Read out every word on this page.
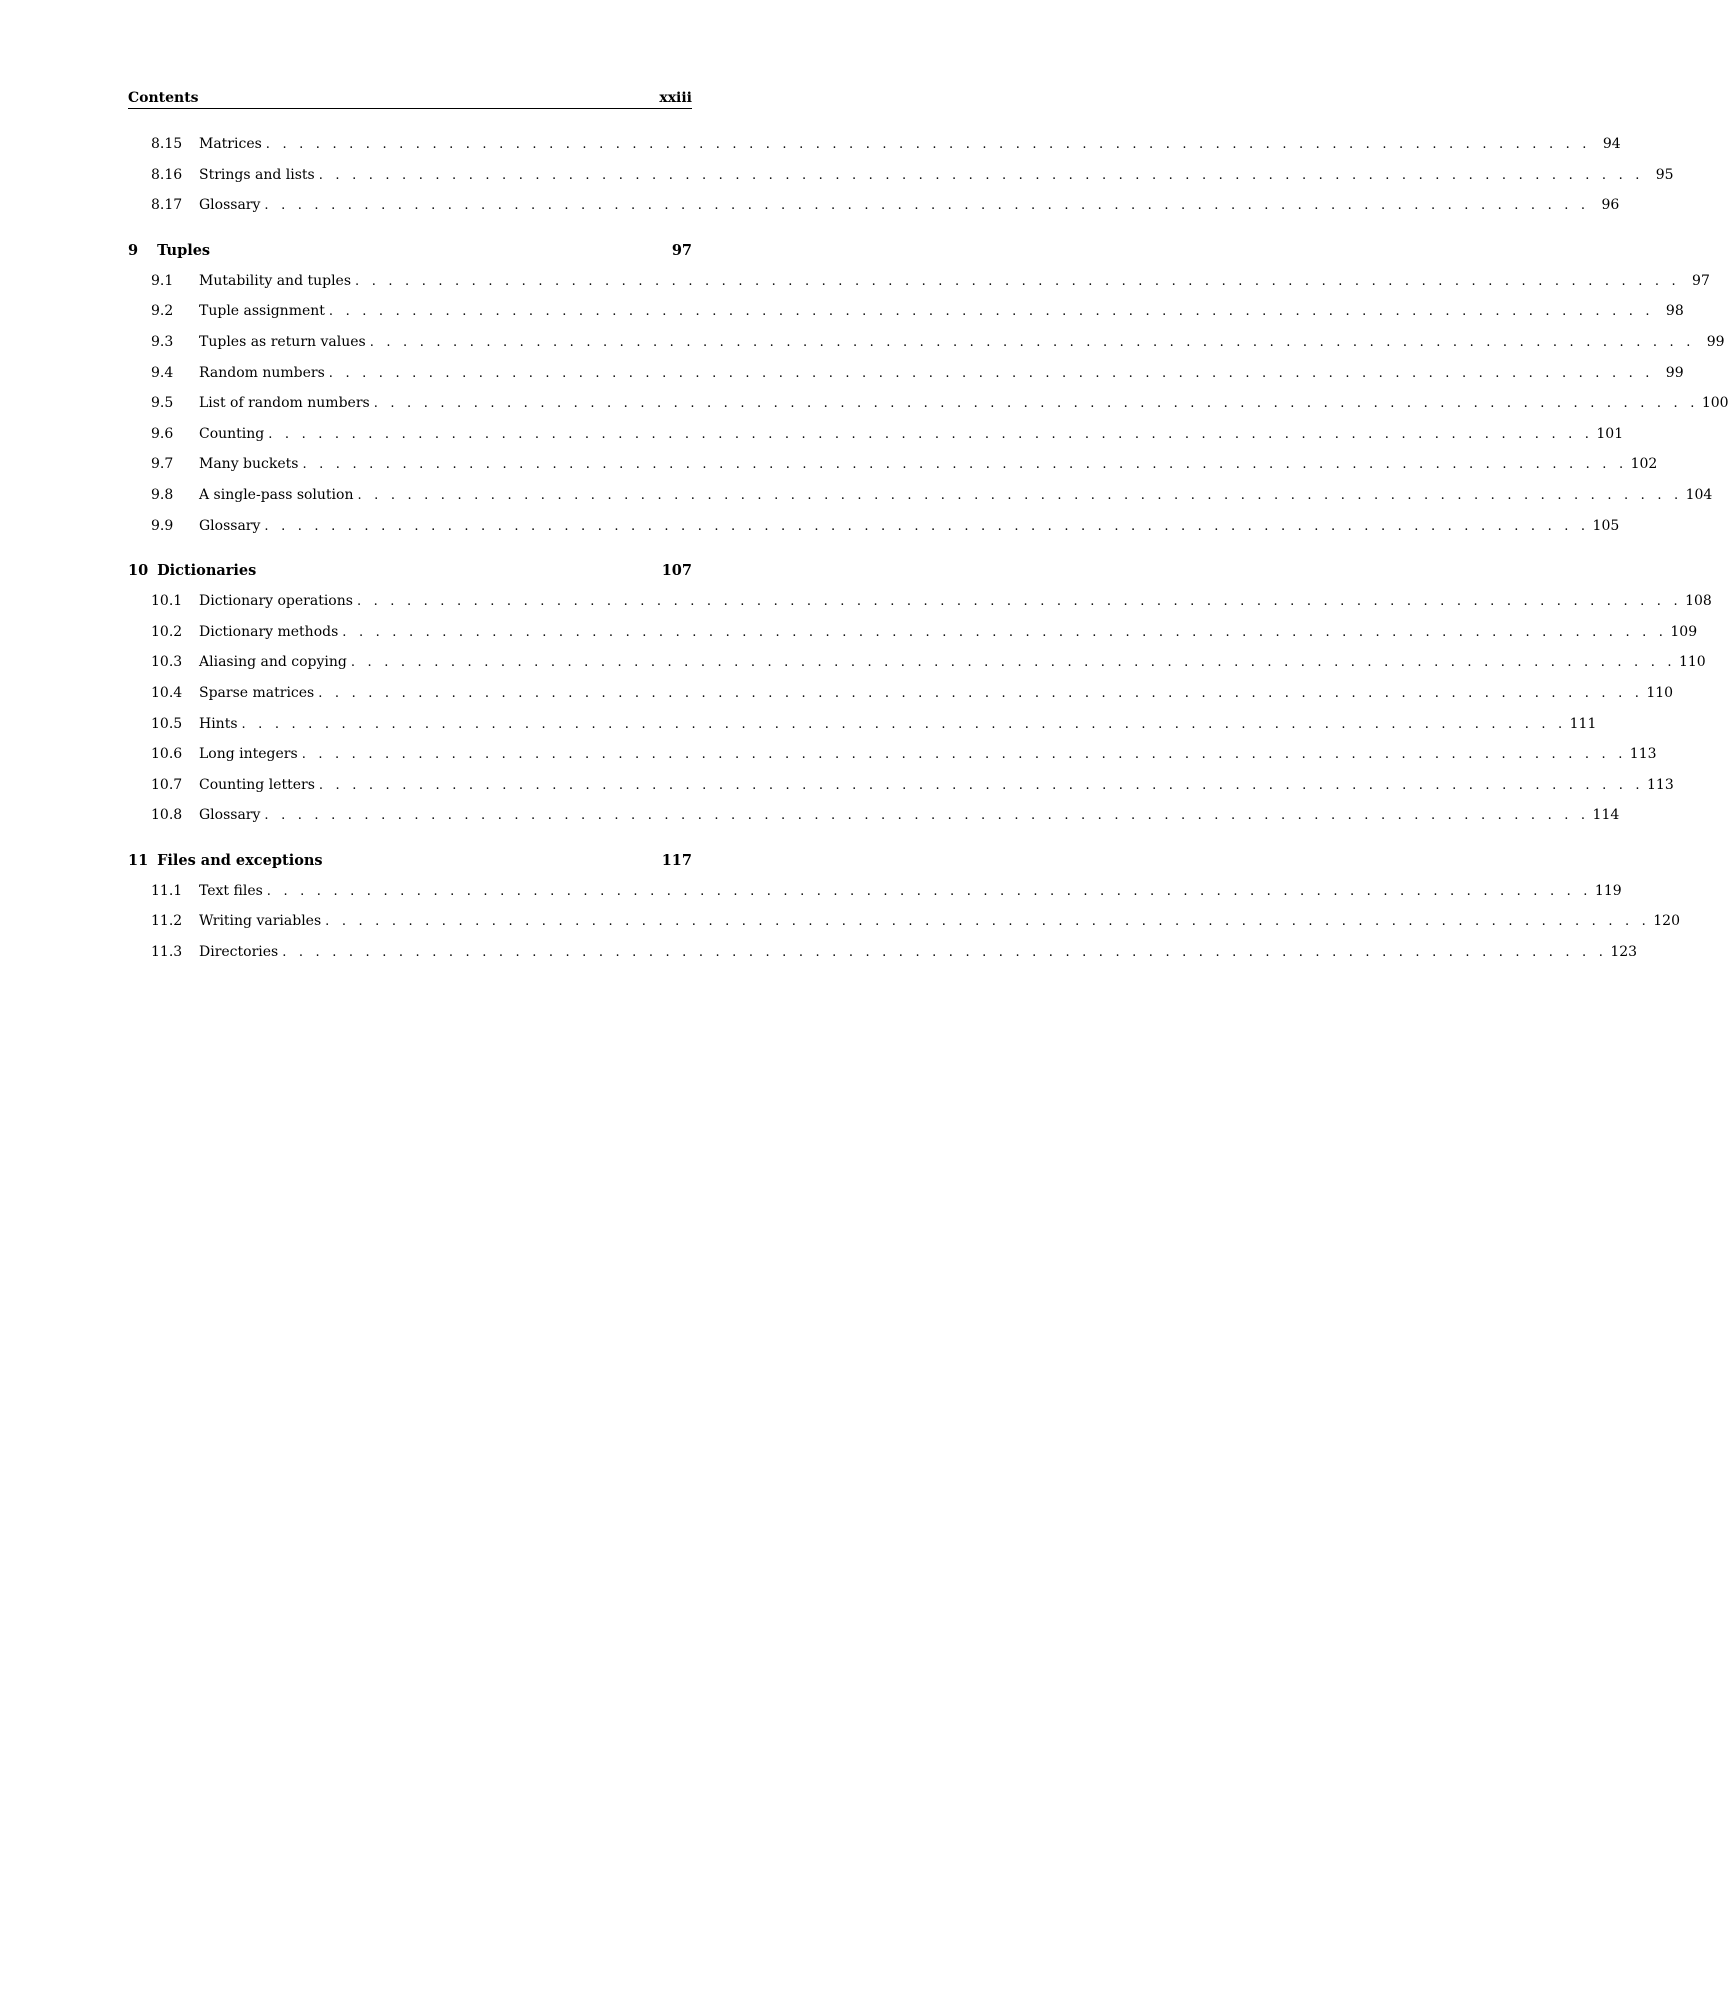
Contents	xxiii
8.15	Matrices . . . . . . . . . . . . . . . . . . . . . . . . . . . . . . . . . . . . . . . . . . . . . . . . . . . . . . . . . . . . . . . . . . . . . . . . . . . . . . . . 94
8.16	Strings and lists . . . . . . . . . . . . . . . . . . . . . . . . . . . . . . . . . . . . . . . . . . . . . . . . . . . . . . . . . . . . . . . . . . . . . . . . . . . . . . . . 95
8.17	Glossary . . . . . . . . . . . . . . . . . . . . . . . . . . . . . . . . . . . . . . . . . . . . . . . . . . . . . . . . . . . . . . . . . . . . . . . . . . . . . . . . 96
9 Tuples	97
9.1	Mutability and tuples . . . . . . . . . . . . . . . . . . . . . . . . . . . . . . . . . . . . . . . . . . . . . . . . . . . . . . . . . . . . . . . . . . . . . . . . . . . . . . . . 97
9.2	Tuple assignment . . . . . . . . . . . . . . . . . . . . . . . . . . . . . . . . . . . . . . . . . . . . . . . . . . . . . . . . . . . . . . . . . . . . . . . . . . . . . . . . 98
9.3	Tuples as return values . . . . . . . . . . . . . . . . . . . . . . . . . . . . . . . . . . . . . . . . . . . . . . . . . . . . . . . . . . . . . . . . . . . . . . . . . . . . . . . . 99
9.4	Random numbers . . . . . . . . . . . . . . . . . . . . . . . . . . . . . . . . . . . . . . . . . . . . . . . . . . . . . . . . . . . . . . . . . . . . . . . . . . . . . . . . 99
9.5	List of random numbers . . . . . . . . . . . . . . . . . . . . . . . . . . . . . . . . . . . . . . . . . . . . . . . . . . . . . . . . . . . . . . . . . . . . . . . . . . . . . . . . 100
9.6	Counting . . . . . . . . . . . . . . . . . . . . . . . . . . . . . . . . . . . . . . . . . . . . . . . . . . . . . . . . . . . . . . . . . . . . . . . . . . . . . . . . 101
9.7	Many buckets . . . . . . . . . . . . . . . . . . . . . . . . . . . . . . . . . . . . . . . . . . . . . . . . . . . . . . . . . . . . . . . . . . . . . . . . . . . . . . . . 102
9.8	A single-pass solution . . . . . . . . . . . . . . . . . . . . . . . . . . . . . . . . . . . . . . . . . . . . . . . . . . . . . . . . . . . . . . . . . . . . . . . . . . . . . . . . 104
9.9	Glossary . . . . . . . . . . . . . . . . . . . . . . . . . . . . . . . . . . . . . . . . . . . . . . . . . . . . . . . . . . . . . . . . . . . . . . . . . . . . . . . . 105
10 Dictionaries	107
10.1	Dictionary operations . . . . . . . . . . . . . . . . . . . . . . . . . . . . . . . . . . . . . . . . . . . . . . . . . . . . . . . . . . . . . . . . . . . . . . . . . . . . . . . . 108
10.2	Dictionary methods . . . . . . . . . . . . . . . . . . . . . . . . . . . . . . . . . . . . . . . . . . . . . . . . . . . . . . . . . . . . . . . . . . . . . . . . . . . . . . . . 109
10.3	Aliasing and copying . . . . . . . . . . . . . . . . . . . . . . . . . . . . . . . . . . . . . . . . . . . . . . . . . . . . . . . . . . . . . . . . . . . . . . . . . . . . . . . . 110
10.4	Sparse matrices . . . . . . . . . . . . . . . . . . . . . . . . . . . . . . . . . . . . . . . . . . . . . . . . . . . . . . . . . . . . . . . . . . . . . . . . . . . . . . . . 110
10.5	Hints . . . . . . . . . . . . . . . . . . . . . . . . . . . . . . . . . . . . . . . . . . . . . . . . . . . . . . . . . . . . . . . . . . . . . . . . . . . . . . . . 111
10.6	Long integers . . . . . . . . . . . . . . . . . . . . . . . . . . . . . . . . . . . . . . . . . . . . . . . . . . . . . . . . . . . . . . . . . . . . . . . . . . . . . . . . 113
10.7	Counting letters . . . . . . . . . . . . . . . . . . . . . . . . . . . . . . . . . . . . . . . . . . . . . . . . . . . . . . . . . . . . . . . . . . . . . . . . . . . . . . . . 113
10.8	Glossary . . . . . . . . . . . . . . . . . . . . . . . . . . . . . . . . . . . . . . . . . . . . . . . . . . . . . . . . . . . . . . . . . . . . . . . . . . . . . . . . 114
11 Files and exceptions	117
11.1	Text files . . . . . . . . . . . . . . . . . . . . . . . . . . . . . . . . . . . . . . . . . . . . . . . . . . . . . . . . . . . . . . . . . . . . . . . . . . . . . . . . 119
11.2	Writing variables . . . . . . . . . . . . . . . . . . . . . . . . . . . . . . . . . . . . . . . . . . . . . . . . . . . . . . . . . . . . . . . . . . . . . . . . . . . . . . . . 120
11.3	Directories . . . . . . . . . . . . . . . . . . . . . . . . . . . . . . . . . . . . . . . . . . . . . . . . . . . . . . . . . . . . . . . . . . . . . . . . . . . . . . . . 123
